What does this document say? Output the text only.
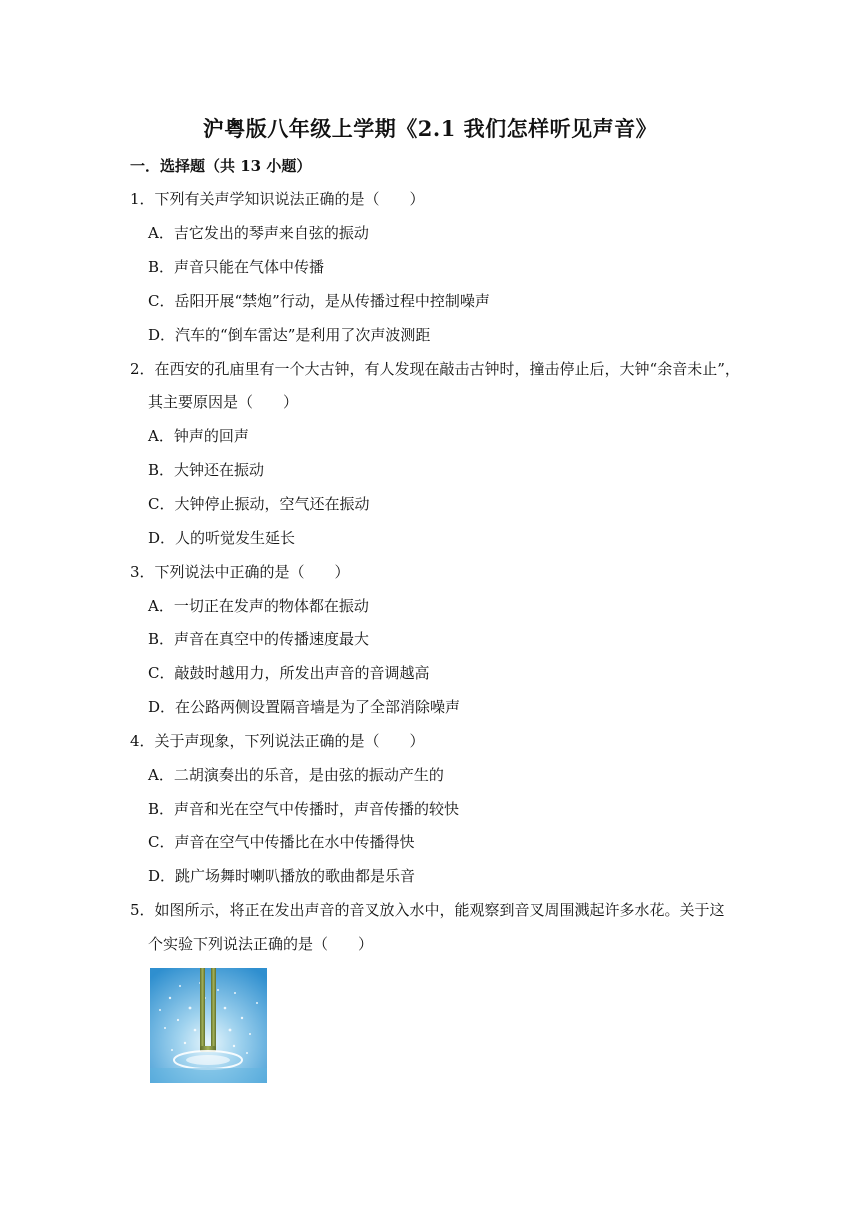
沪粤版八年级上学期《2.1 我们怎样听见声音》
一．选择题（共 13 小题）
1．下列有关声学知识说法正确的是（　　）
A．吉它发出的琴声来自弦的振动
B．声音只能在气体中传播
C．岳阳开展“禁炮”行动，是从传播过程中控制噪声
D．汽车的“倒车雷达”是利用了次声波测距
2．在西安的孔庙里有一个大古钟，有人发现在敲击古钟时，撞击停止后，大钟“余音未止”，
其主要原因是（　　）
A．钟声的回声
B．大钟还在振动
C．大钟停止振动，空气还在振动
D．人的听觉发生延长
3．下列说法中正确的是（　　）
A．一切正在发声的物体都在振动
B．声音在真空中的传播速度最大
C．敲鼓时越用力，所发出声音的音调越高
D．在公路两侧设置隔音墙是为了全部消除噪声
4．关于声现象，下列说法正确的是（　　）
A．二胡演奏出的乐音，是由弦的振动产生的
B．声音和光在空气中传播时，声音传播的较快
C．声音在空气中传播比在水中传播得快
D．跳广场舞时喇叭播放的歌曲都是乐音
5．如图所示，将正在发出声音的音叉放入水中，能观察到音叉周围溅起许多水花。关于这
个实验下列说法正确的是（　　）
